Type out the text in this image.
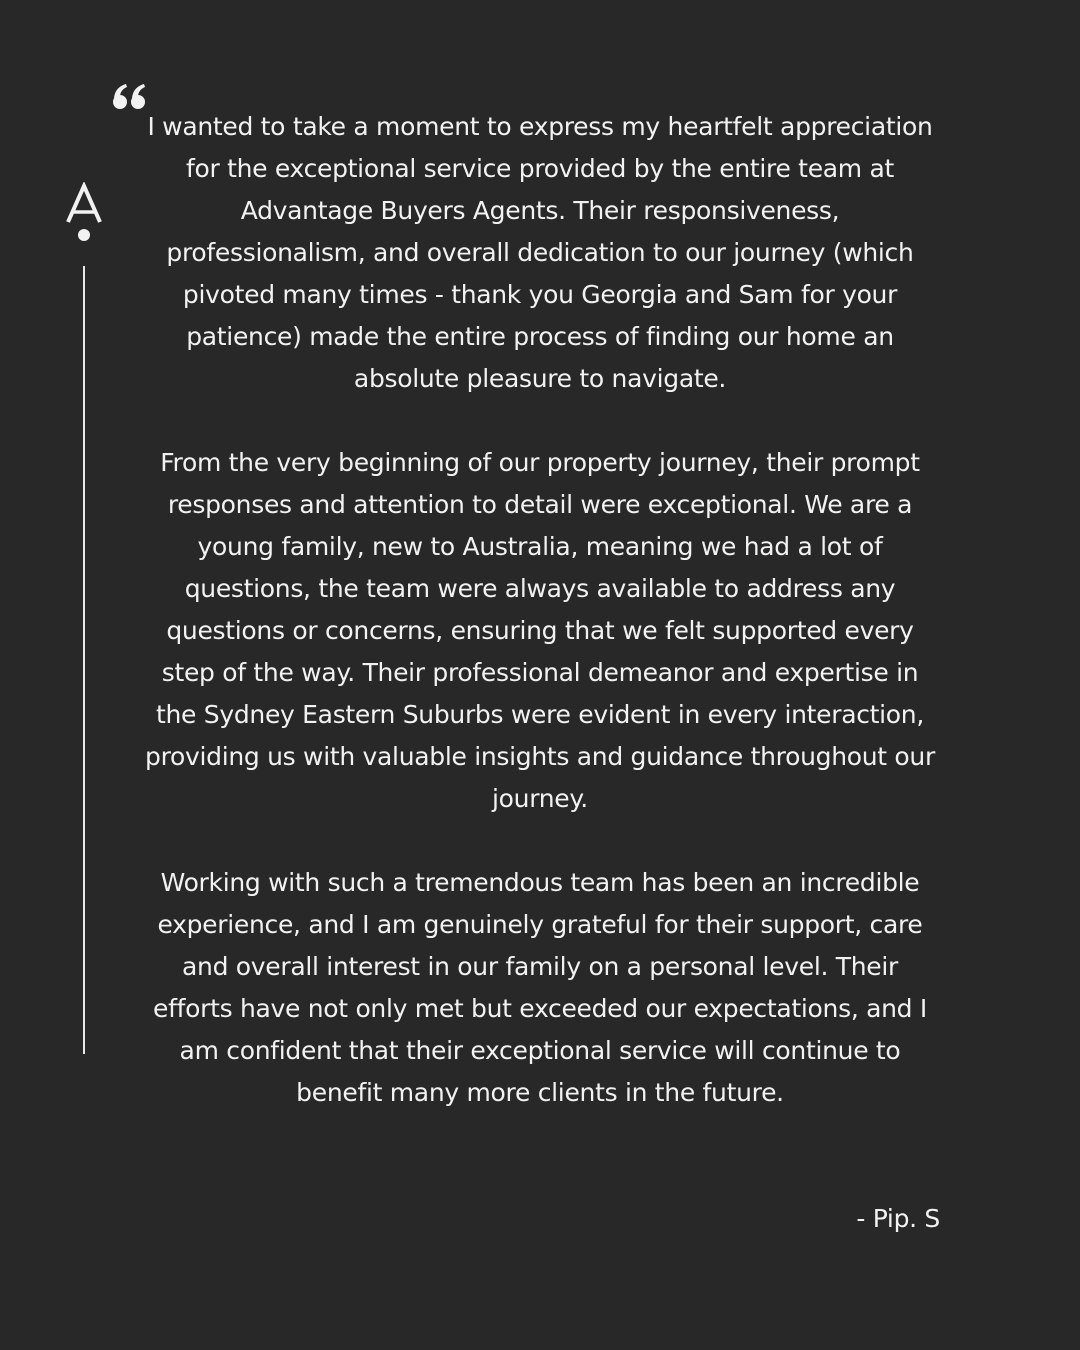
I wanted to take a moment to express my heartfelt appreciation for the exceptional service provided by the entire team at Advantage Buyers Agents. Their responsiveness, professionalism, and overall dedication to our journey (which pivoted many times - thank you Georgia and Sam for your patience) made the entire process of finding our home an absolute pleasure to navigate.

From the very beginning of our property journey, their prompt responses and attention to detail were exceptional. We are a young family, new to Australia, meaning we had a lot of questions, the team were always available to address any questions or concerns, ensuring that we felt supported every step of the way. Their professional demeanor and expertise in the Sydney Eastern Suburbs were evident in every interaction, providing us with valuable insights and guidance throughout our journey.

Working with such a tremendous team has been an incredible experience, and I am genuinely grateful for their support, care and overall interest in our family on a personal level. Their efforts have not only met but exceeded our expectations, and I am confident that their exceptional service will continue to benefit many more clients in the future.

- Pip. S
